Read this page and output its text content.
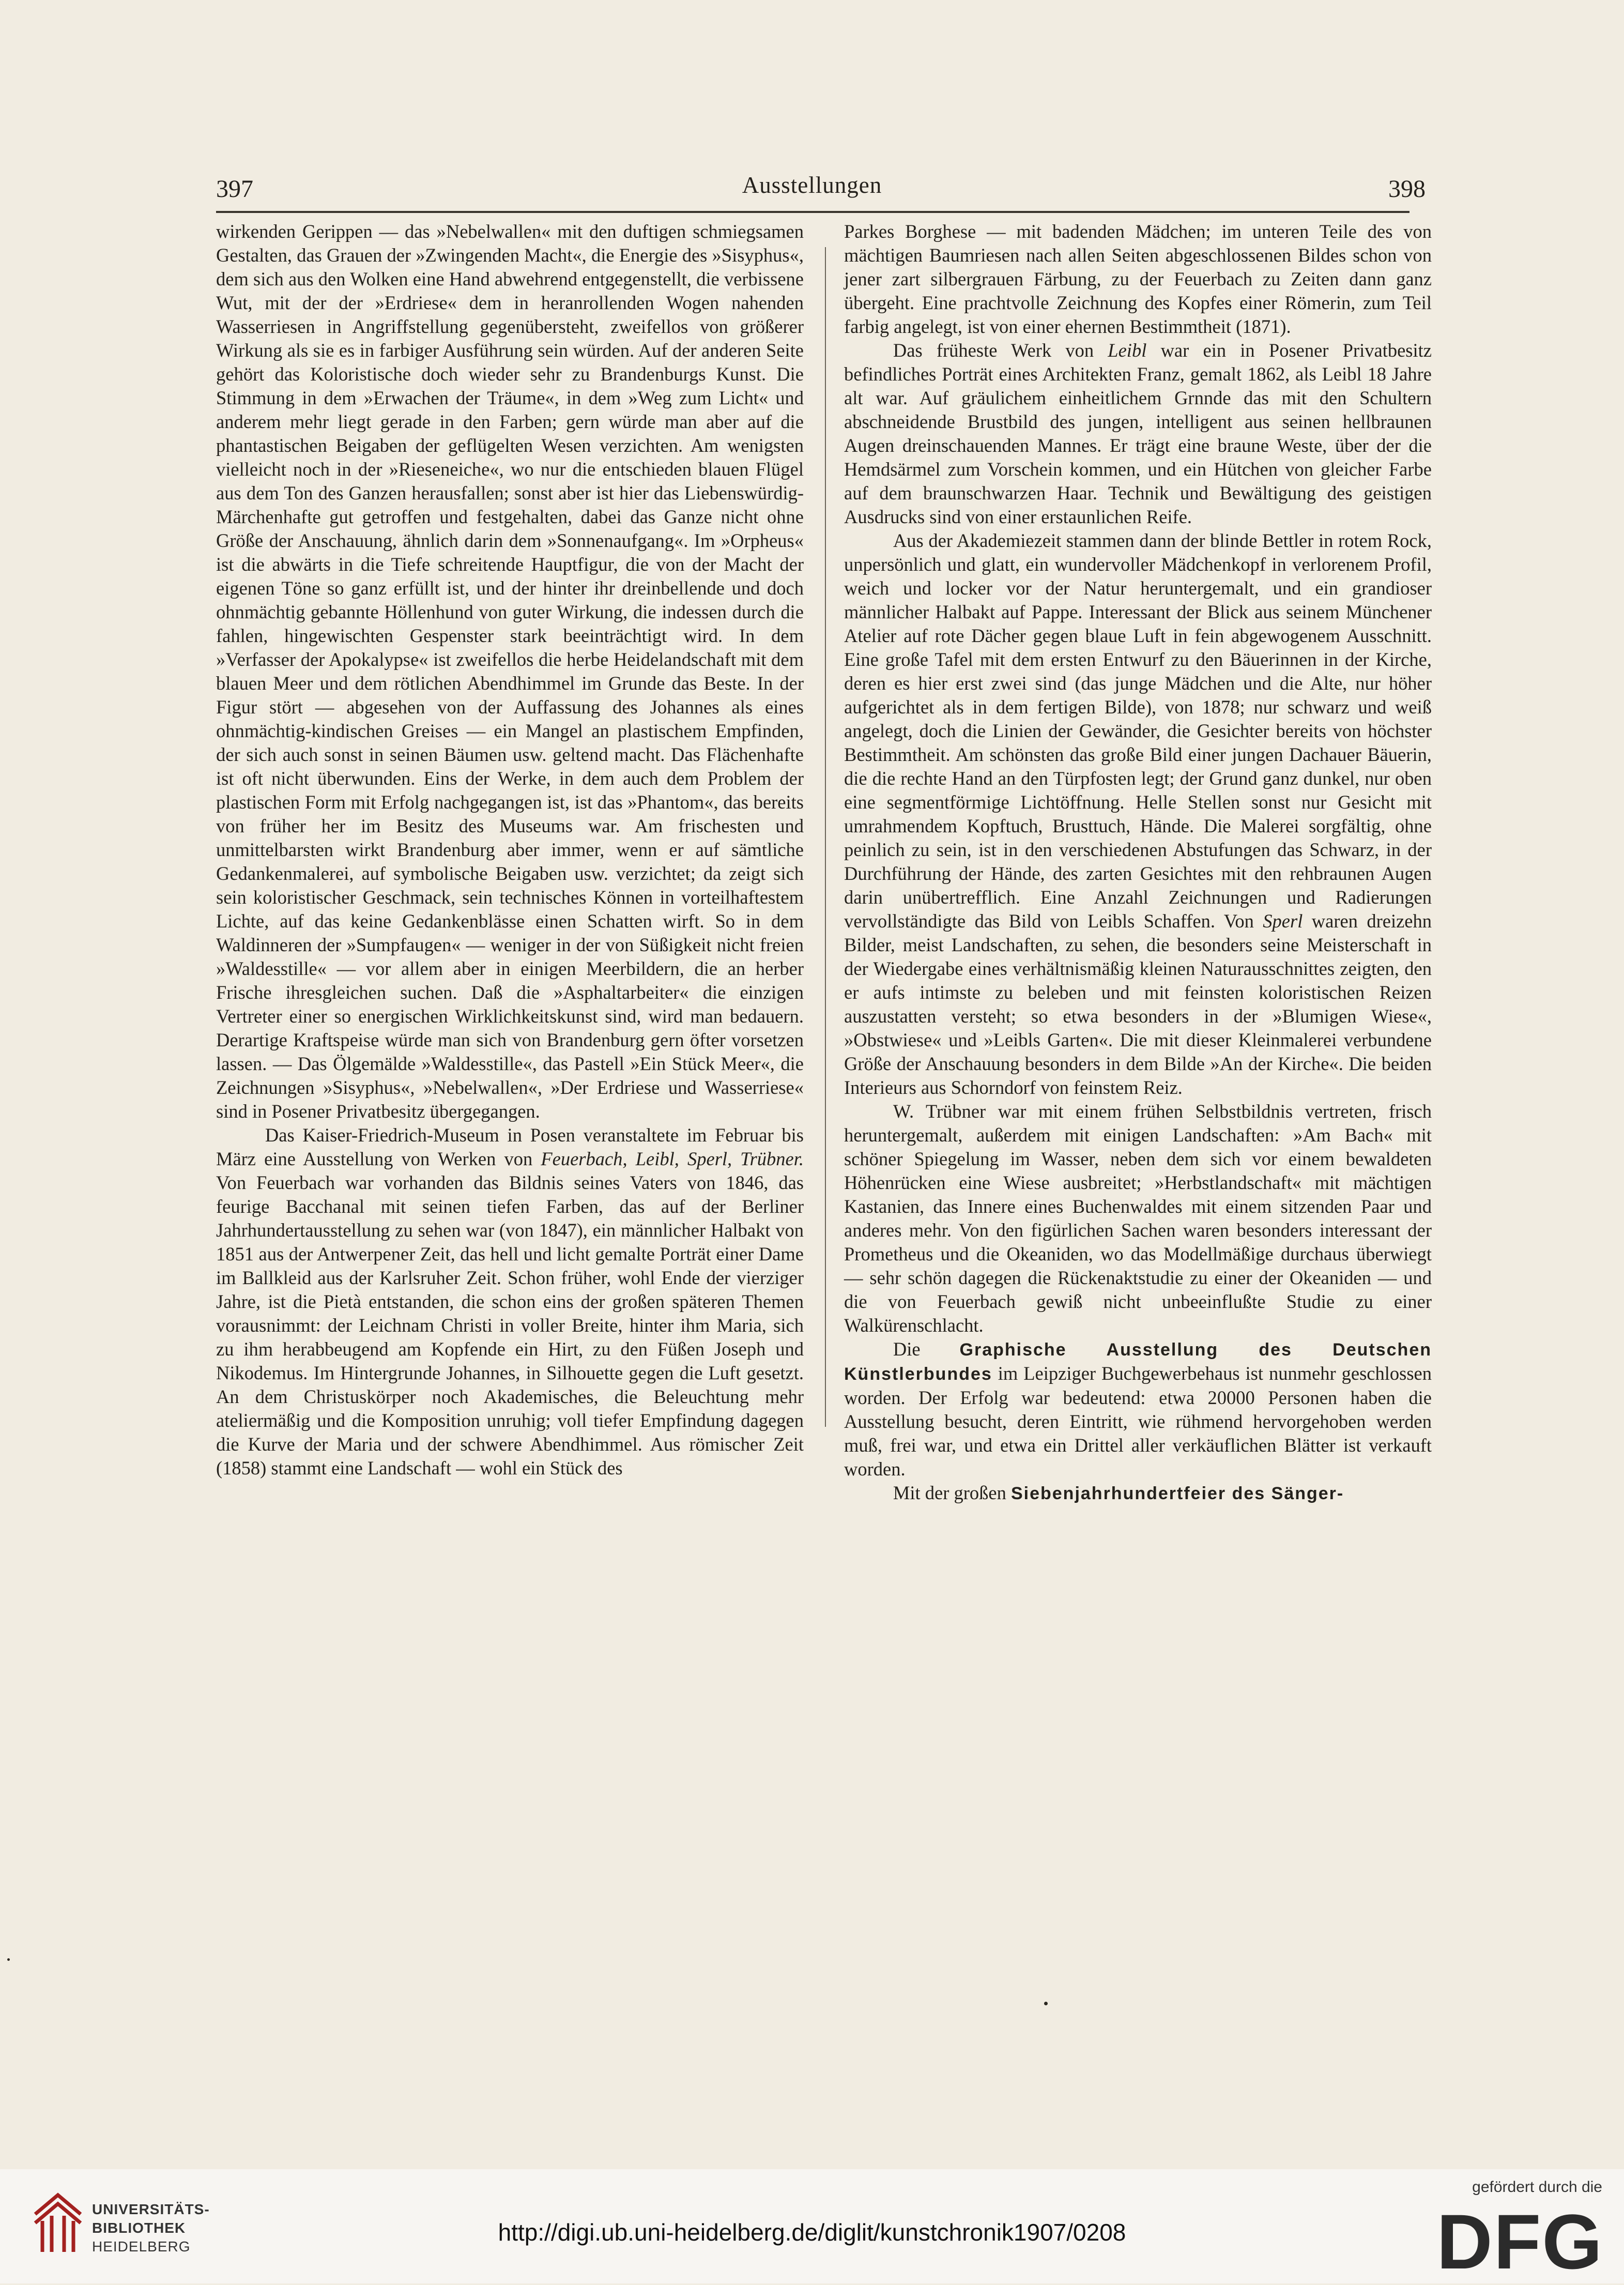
397	Ausstellungen	398

wirkenden Gerippen — das »Nebelwallen« mit den duftigen schmiegsamen Gestalten, das Grauen der »Zwingenden Macht«, die Energie des »Sisyphus«, dem sich aus den Wolken eine Hand abwehrend entgegenstellt, die verbissene Wut, mit der der »Erdriese« dem in heranrollenden Wogen nahenden Wasserriesen in Angriffstellung gegenübersteht, zweifellos von größerer Wirkung als sie es in farbiger Ausführung sein würden. Auf der anderen Seite gehört das Koloristische doch wieder sehr zu Brandenburgs Kunst. Die Stimmung in dem »Erwachen der Träume«, in dem »Weg zum Licht« und anderem mehr liegt gerade in den Farben; gern würde man aber auf die phantastischen Beigaben der geflügelten Wesen verzichten. Am wenigsten vielleicht noch in der »Rieseneiche«, wo nur die entschieden blauen Flügel aus dem Ton des Ganzen herausfallen; sonst aber ist hier das Liebenswürdig-Märchenhafte gut getroffen und festgehalten, dabei das Ganze nicht ohne Größe der Anschauung, ähnlich darin dem »Sonnenaufgang«. Im »Orpheus« ist die abwärts in die Tiefe schreitende Hauptfigur, die von der Macht der eigenen Töne so ganz erfüllt ist, und der hinter ihr dreinbellende und doch ohnmächtig gebannte Höllenhund von guter Wirkung, die indessen durch die fahlen, hingewischten Gespenster stark beeinträchtigt wird. In dem »Verfasser der Apokalypse« ist zweifellos die herbe Heidelandschaft mit dem blauen Meer und dem rötlichen Abendhimmel im Grunde das Beste. In der Figur stört — abgesehen von der Auffassung des Johannes als eines ohnmächtig-kindischen Greises — ein Mangel an plastischem Empfinden, der sich auch sonst in seinen Bäumen usw. geltend macht. Das Flächenhafte ist oft nicht überwunden. Eins der Werke, in dem auch dem Problem der plastischen Form mit Erfolg nachgegangen ist, ist das »Phantom«, das bereits von früher her im Besitz des Museums war. Am frischesten und unmittelbarsten wirkt Brandenburg aber immer, wenn er auf sämtliche Gedankenmalerei, auf symbolische Beigaben usw. verzichtet; da zeigt sich sein koloristischer Geschmack, sein technisches Können in vorteilhaftestem Lichte, auf das keine Gedankenblässe einen Schatten wirft. So in dem Waldinneren der »Sumpfaugen« — weniger in der von Süßigkeit nicht freien »Waldesstille« — vor allem aber in einigen Meerbildern, die an herber Frische ihresgleichen suchen. Daß die »Asphaltarbeiter« die einzigen Vertreter einer so energischen Wirklichkeitskunst sind, wird man bedauern. Derartige Kraftspeise würde man sich von Brandenburg gern öfter vorsetzen lassen. — Das Ölgemälde »Waldesstille«, das Pastell »Ein Stück Meer«, die Zeichnungen »Sisyphus«, »Nebelwallen«, »Der Erdriese und Wasserriese« sind in Posener Privatbesitz übergegangen.

Das Kaiser-Friedrich-Museum in Posen veranstaltete im Februar bis März eine Ausstellung von Werken von Feuerbach, Leibl, Sperl, Trübner. Von Feuerbach war vorhanden das Bildnis seines Vaters von 1846, das feurige Bacchanal mit seinen tiefen Farben, das auf der Berliner Jahrhundertausstellung zu sehen war (von 1847), ein männlicher Halbakt von 1851 aus der Antwerpener Zeit, das hell und licht gemalte Porträt einer Dame im Ballkleid aus der Karlsruher Zeit. Schon früher, wohl Ende der vierziger Jahre, ist die Pietà entstanden, die schon eins der großen späteren Themen vorausnimmt: der Leichnam Christi in voller Breite, hinter ihm Maria, sich zu ihm herabbeugend am Kopfende ein Hirt, zu den Füßen Joseph und Nikodemus. Im Hintergrunde Johannes, in Silhouette gegen die Luft gesetzt. An dem Christuskörper noch Akademisches, die Beleuchtung mehr ateliermäßig und die Komposition unruhig; voll tiefer Empfindung dagegen die Kurve der Maria und der schwere Abendhimmel. Aus römischer Zeit (1858) stammt eine Landschaft — wohl ein Stück des

Parkes Borghese — mit badenden Mädchen; im unteren Teile des von mächtigen Baumriesen nach allen Seiten abgeschlossenen Bildes schon von jener zart silbergrauen Färbung, zu der Feuerbach zu Zeiten dann ganz übergeht. Eine prachtvolle Zeichnung des Kopfes einer Römerin, zum Teil farbig angelegt, ist von einer ehernen Bestimmtheit (1871).

Das früheste Werk von Leibl war ein in Posener Privatbesitz befindliches Porträt eines Architekten Franz, gemalt 1862, als Leibl 18 Jahre alt war. Auf gräulichem einheitlichem Grnnde das mit den Schultern abschneidende Brustbild des jungen, intelligent aus seinen hellbraunen Augen dreinschauenden Mannes. Er trägt eine braune Weste, über der die Hemdsärmel zum Vorschein kommen, und ein Hütchen von gleicher Farbe auf dem braunschwarzen Haar. Technik und Bewältigung des geistigen Ausdrucks sind von einer erstaunlichen Reife.

Aus der Akademiezeit stammen dann der blinde Bettler in rotem Rock, unpersönlich und glatt, ein wundervoller Mädchenkopf in verlorenem Profil, weich und locker vor der Natur heruntergemalt, und ein grandioser männlicher Halbakt auf Pappe. Interessant der Blick aus seinem Münchener Atelier auf rote Dächer gegen blaue Luft in fein abgewogenem Ausschnitt. Eine große Tafel mit dem ersten Entwurf zu den Bäuerinnen in der Kirche, deren es hier erst zwei sind (das junge Mädchen und die Alte, nur höher aufgerichtet als in dem fertigen Bilde), von 1878; nur schwarz und weiß angelegt, doch die Linien der Gewänder, die Gesichter bereits von höchster Bestimmtheit. Am schönsten das große Bild einer jungen Dachauer Bäuerin, die die rechte Hand an den Türpfosten legt; der Grund ganz dunkel, nur oben eine segmentförmige Lichtöffnung. Helle Stellen sonst nur Gesicht mit umrahmendem Kopftuch, Brusttuch, Hände. Die Malerei sorgfältig, ohne peinlich zu sein, ist in den verschiedenen Abstufungen das Schwarz, in der Durchführung der Hände, des zarten Gesichtes mit den rehbraunen Augen darin unübertrefflich. Eine Anzahl Zeichnungen und Radierungen vervollständigte das Bild von Leibls Schaffen. Von Sperl waren dreizehn Bilder, meist Landschaften, zu sehen, die besonders seine Meisterschaft in der Wiedergabe eines verhältnismäßig kleinen Naturausschnittes zeigten, den er aufs intimste zu beleben und mit feinsten koloristischen Reizen auszustatten versteht; so etwa besonders in der »Blumigen Wiese«, »Obstwiese« und »Leibls Garten«. Die mit dieser Kleinmalerei verbundene Größe der Anschauung besonders in dem Bilde »An der Kirche«. Die beiden Interieurs aus Schorndorf von feinstem Reiz.

W. Trübner war mit einem frühen Selbstbildnis vertreten, frisch heruntergemalt, außerdem mit einigen Landschaften: »Am Bach« mit schöner Spiegelung im Wasser, neben dem sich vor einem bewaldeten Höhenrücken eine Wiese ausbreitet; »Herbstlandschaft« mit mächtigen Kastanien, das Innere eines Buchenwaldes mit einem sitzenden Paar und anderes mehr. Von den figürlichen Sachen waren besonders interessant der Prometheus und die Okeaniden, wo das Modellmäßige durchaus überwiegt — sehr schön dagegen die Rückenaktstudie zu einer der Okeaniden — und die von Feuerbach gewiß nicht unbeeinflußte Studie zu einer Walkürenschlacht.

Die Graphische Ausstellung des Deutschen Künstlerbundes im Leipziger Buchgewerbehaus ist nunmehr geschlossen worden. Der Erfolg war bedeutend: etwa 20000 Personen haben die Ausstellung besucht, deren Eintritt, wie rühmend hervorgehoben werden muß, frei war, und etwa ein Drittel aller verkäuflichen Blätter ist verkauft worden.

Mit der großen Siebenjahrhundertfeier des Sänger-

UNIVERSITÄTS-
BIBLIOTHEK
HEIDELBERG
http://digi.ub.uni-heidelberg.de/diglit/kunstchronik1907/0208
gefördert durch die
DFG
